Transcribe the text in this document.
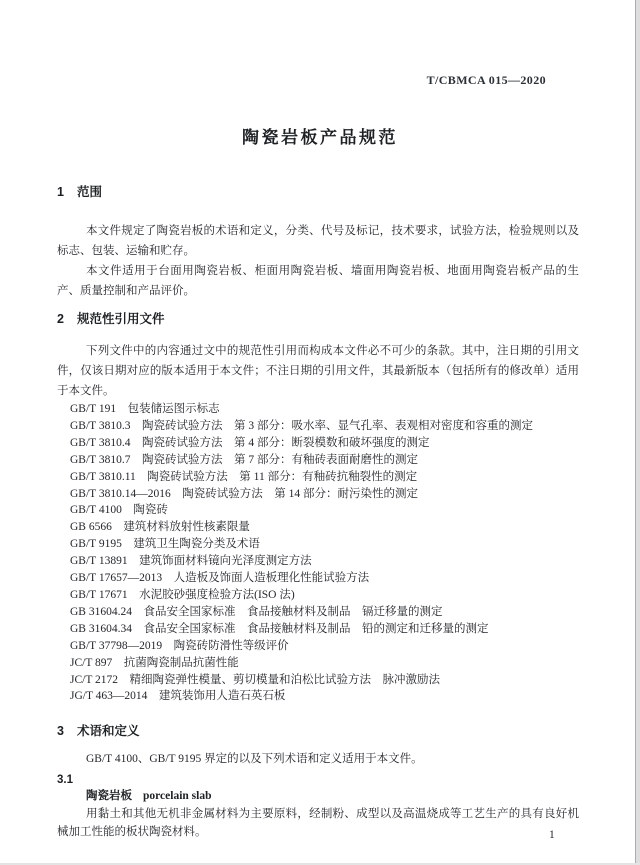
T/CBMCA 015—2020
陶瓷岩板产品规范
1 范围

本文件规定了陶瓷岩板的术语和定义，分类、代号及标记，技术要求，试验方法，检验规则以及标志、包装、运输和贮存。

本文件适用于台面用陶瓷岩板、柜面用陶瓷岩板、墙面用陶瓷岩板、地面用陶瓷岩板产品的生产、质量控制和产品评价。

2 规范性引用文件

下列文件中的内容通过文中的规范性引用而构成本文件必不可少的条款。其中，注日期的引用文件，仅该日期对应的版本适用于本文件；不注日期的引用文件，其最新版本（包括所有的修改单）适用于本文件。

GB/T 191　包装储运图示标志
GB/T 3810.3　陶瓷砖试验方法　第 3 部分：吸水率、显气孔率、表观相对密度和容重的测定
GB/T 3810.4　陶瓷砖试验方法　第 4 部分：断裂模数和破坏强度的测定
GB/T 3810.7　陶瓷砖试验方法　第 7 部分：有釉砖表面耐磨性的测定
GB/T 3810.11　陶瓷砖试验方法　第 11 部分：有釉砖抗釉裂性的测定
GB/T 3810.14—2016　陶瓷砖试验方法　第 14 部分：耐污染性的测定
GB/T 4100　陶瓷砖
GB 6566　建筑材料放射性核素限量
GB/T 9195　建筑卫生陶瓷分类及术语
GB/T 13891　建筑饰面材料镜向光泽度测定方法
GB/T 17657—2013　人造板及饰面人造板理化性能试验方法
GB/T 17671　水泥胶砂强度检验方法(ISO 法)
GB 31604.24　食品安全国家标准　食品接触材料及制品　镉迁移量的测定
GB 31604.34　食品安全国家标准　食品接触材料及制品　铅的测定和迁移量的测定
GB/T 37798—2019　陶瓷砖防滑性等级评价
JC/T 897　抗菌陶瓷制品抗菌性能
JC/T 2172　精细陶瓷弹性模量、剪切模量和泊松比试验方法　脉冲激励法
JG/T 463—2014　建筑装饰用人造石英石板
3 术语和定义

GB/T 4100、GB/T 9195 界定的以及下列术语和定义适用于本文件。

3.1
陶瓷岩板 porcelain slab

用黏土和其他无机非金属材料为主要原料，经制粉、成型以及高温烧成等工艺生产的具有良好机械加工性能的板状陶瓷材料。	1
